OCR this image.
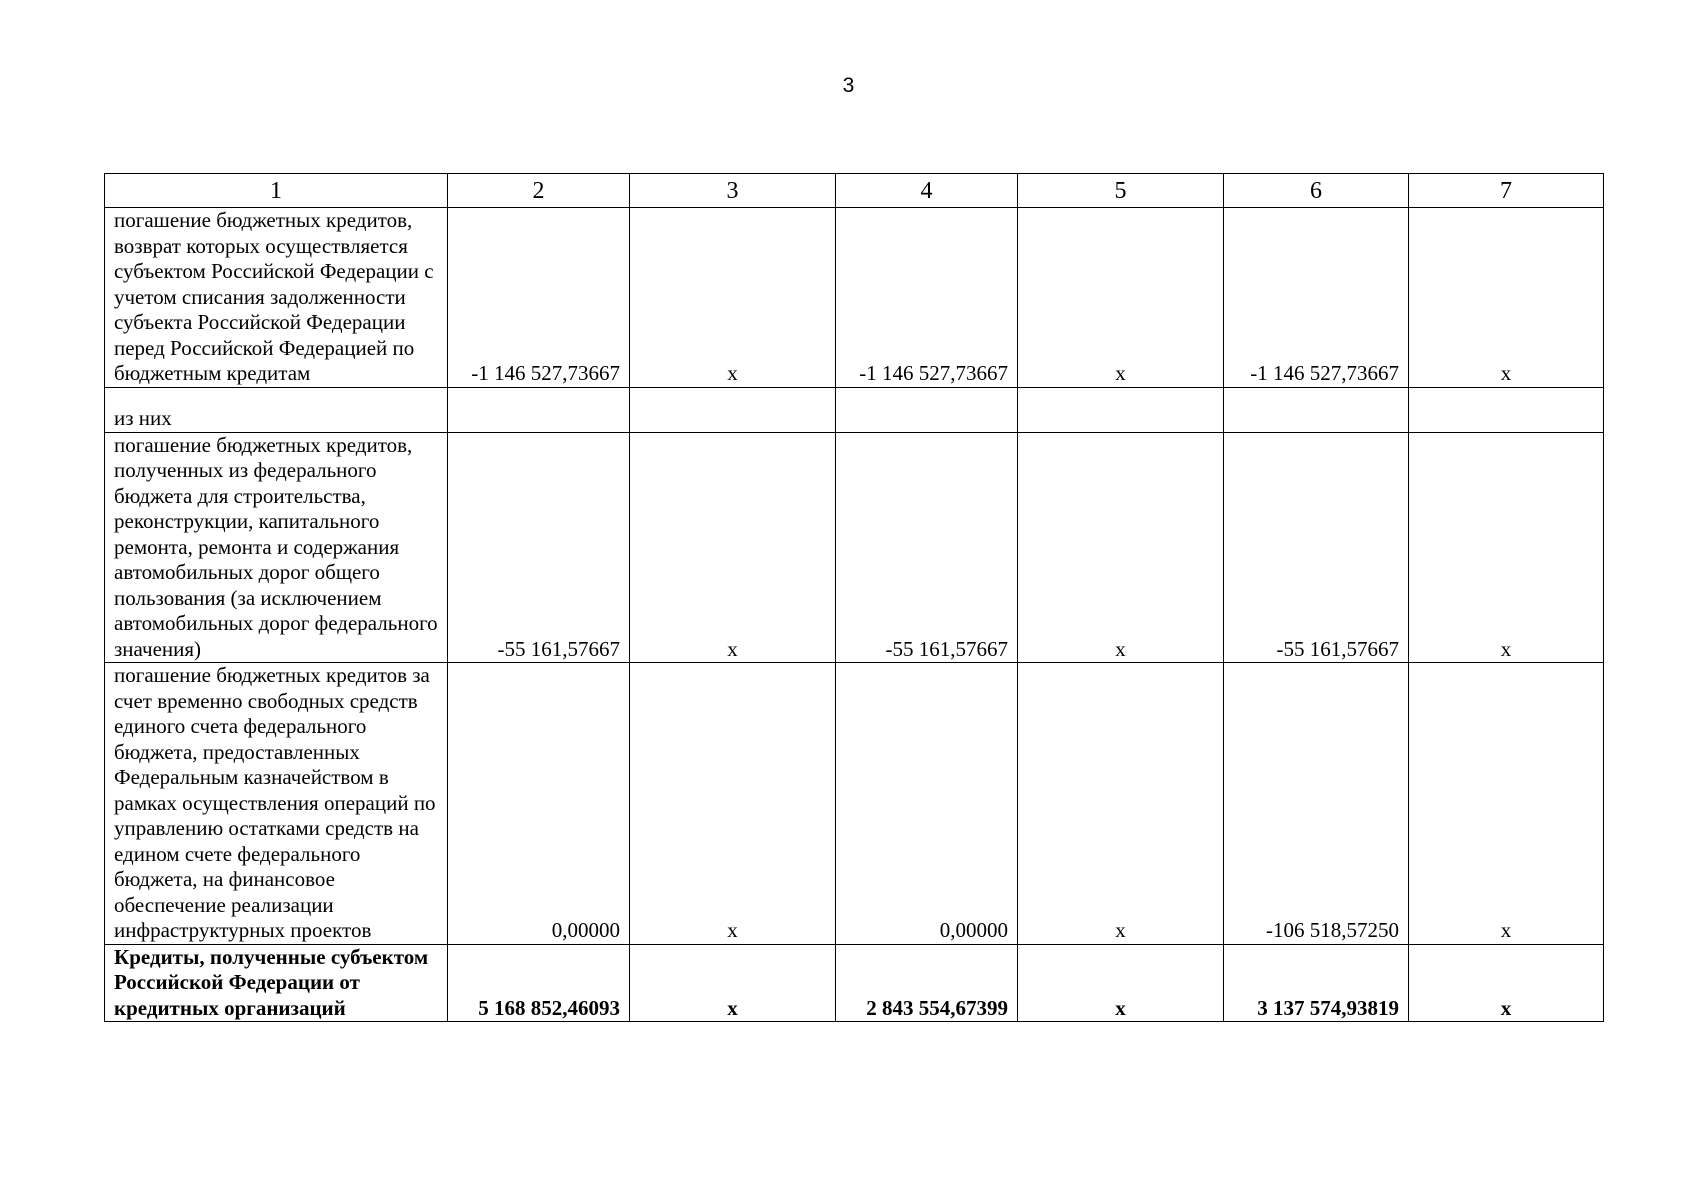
3
1	2	3	4	5	6	7
погашение бюджетных кредитов, возврат которых осуществляется субъектом Российской Федерации с учетом списания задолженности субъекта Российской Федерации перед Российской Федерацией по бюджетным кредитам	-1 146 527,73667	х	-1 146 527,73667	х	-1 146 527,73667	х
из них						
погашение бюджетных кредитов, полученных из федерального бюджета для строительства, реконструкции, капитального ремонта, ремонта и содержания автомобильных дорог общего пользования (за исключением автомобильных дорог федерального значения)	-55 161,57667	х	-55 161,57667	х	-55 161,57667	х
погашение бюджетных кредитов за счет временно свободных средств единого счета федерального бюджета, предоставленных Федеральным казначейством в рамках осуществления операций по управлению остатками средств на едином счете федерального бюджета, на финансовое обеспечение реализации инфраструктурных проектов	0,00000	х	0,00000	х	-106 518,57250	х
Кредиты, полученные субъектом Российской Федерации от кредитных организаций	5 168 852,46093	х	2 843 554,67399	х	3 137 574,93819	х
